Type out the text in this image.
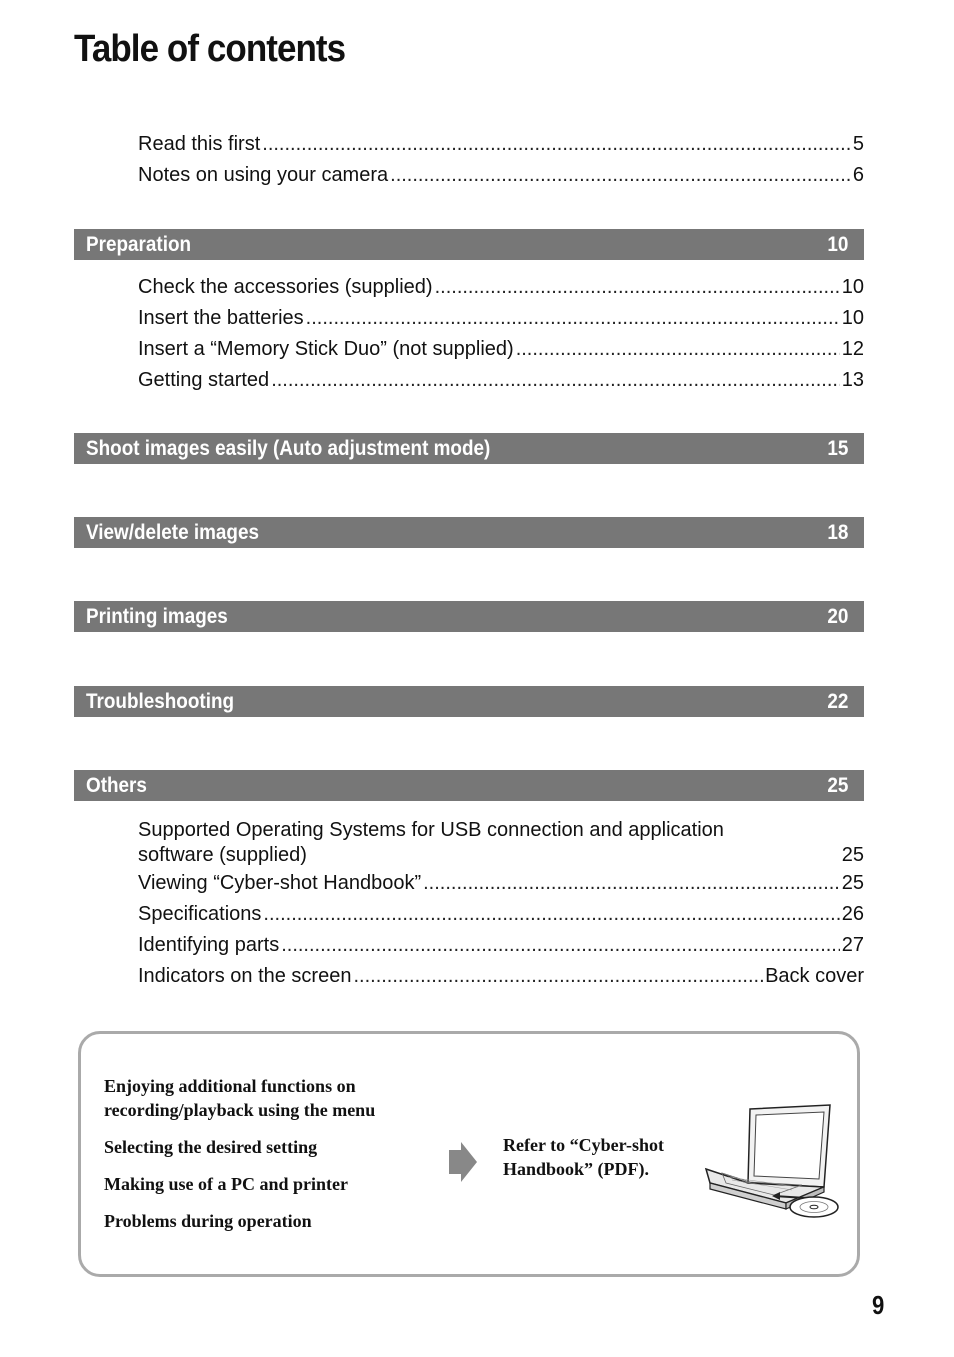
Table of contents
Read this first .....	5
Notes on using your camera .....	6
Preparation	10
Check the accessories (supplied) .....	10
Insert the batteries .....	10
Insert a “Memory Stick Duo” (not supplied) .....	12
Getting started .....	13
Shoot images easily (Auto adjustment mode)	15
View/delete images	18
Printing images	20
Troubleshooting	22
Others	25
Supported Operating Systems for USB connection and application
software (supplied)	25
Viewing “Cyber-shot Handbook” .....	25
Specifications .....	26
Identifying parts .....	27
Indicators on the screen .....	Back cover
Enjoying additional functions on
recording/playback using the menu
Selecting the desired setting
Making use of a PC and printer
Problems during operation
Refer to “Cyber-shot
Handbook” (PDF).
9
